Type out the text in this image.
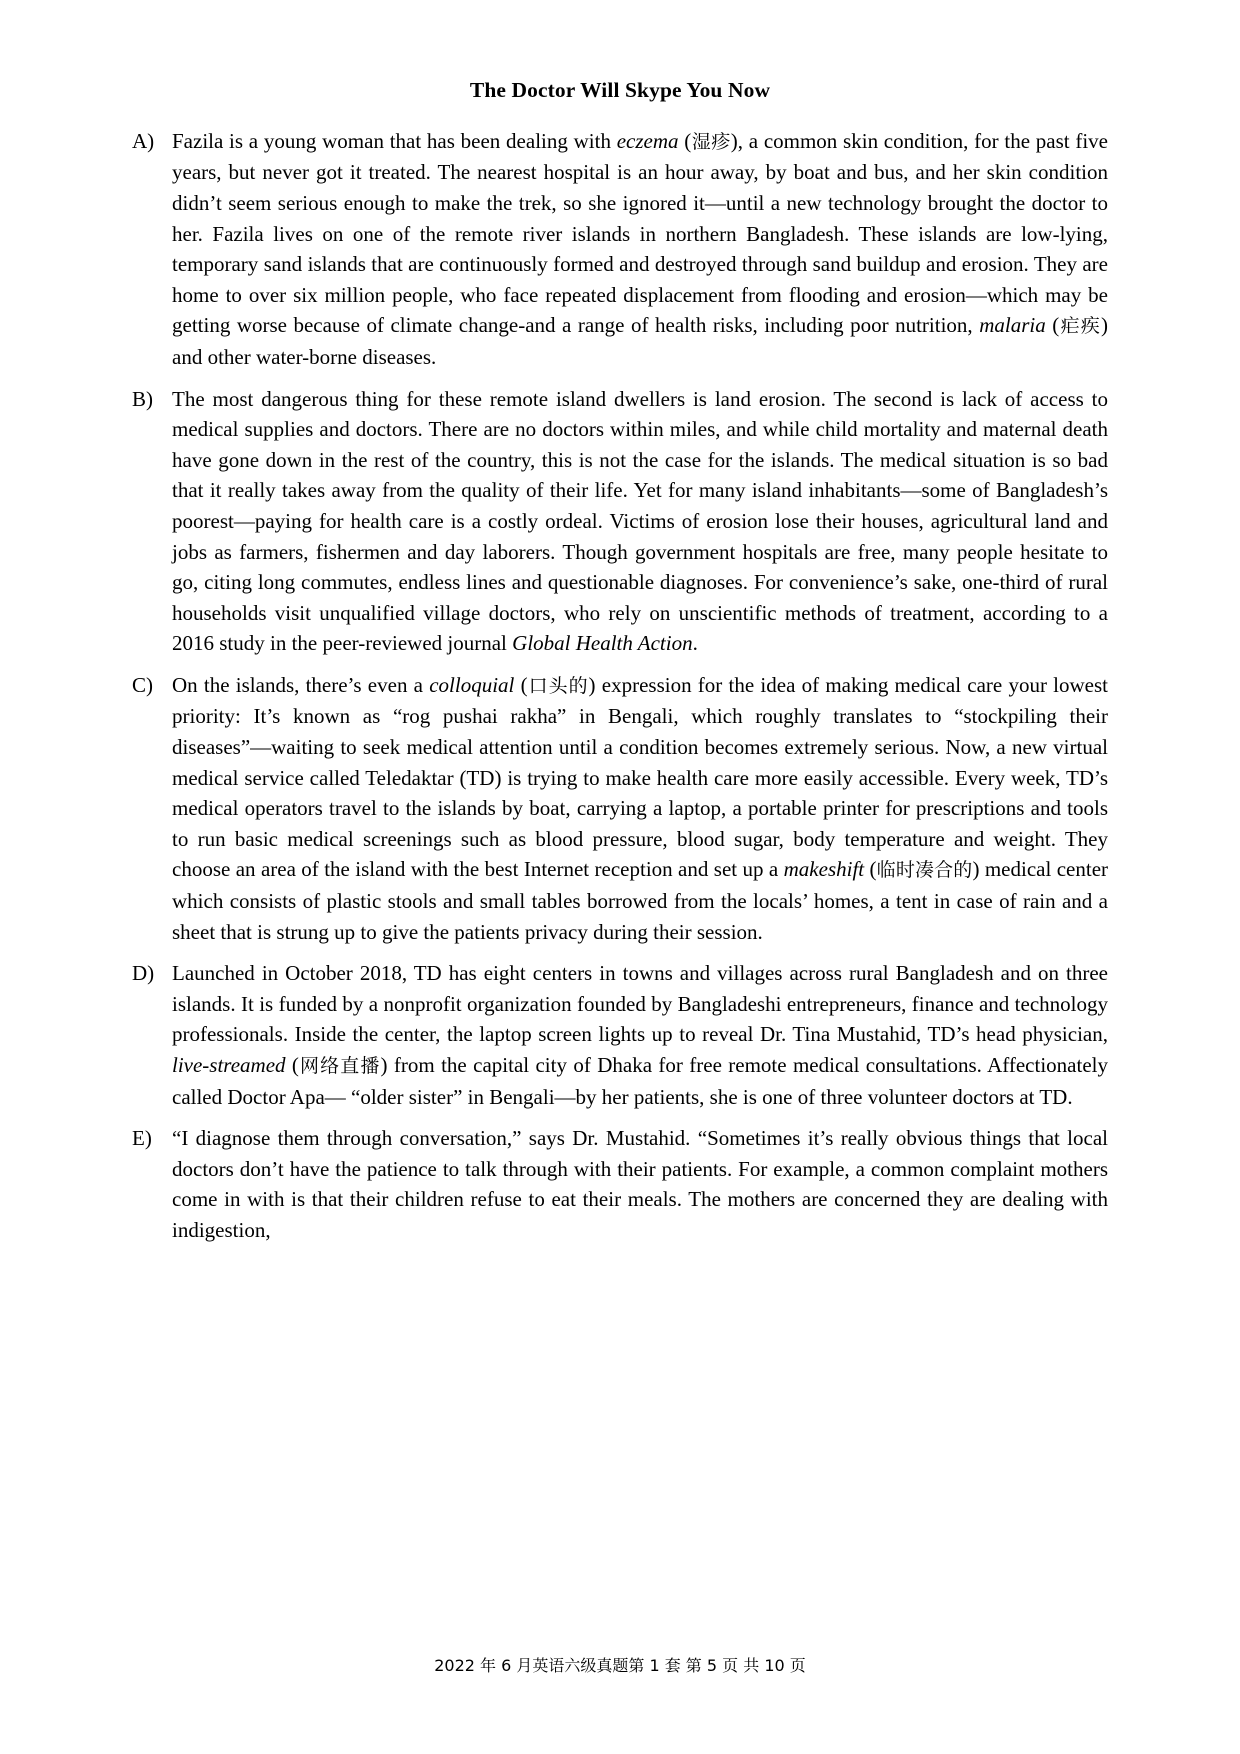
The Doctor Will Skype You Now
A) Fazila is a young woman that has been dealing with eczema (湿疹), a common skin condition, for the past five years, but never got it treated. The nearest hospital is an hour away, by boat and bus, and her skin condition didn’t seem serious enough to make the trek, so she ignored it—until a new technology brought the doctor to her. Fazila lives on one of the remote river islands in northern Bangladesh. These islands are low-lying, temporary sand islands that are continuously formed and destroyed through sand buildup and erosion. They are home to over six million people, who face repeated displacement from flooding and erosion—which may be getting worse because of climate change-and a range of health risks, including poor nutrition, malaria (疟疾) and other water-borne diseases.
B) The most dangerous thing for these remote island dwellers is land erosion. The second is lack of access to medical supplies and doctors. There are no doctors within miles, and while child mortality and maternal death have gone down in the rest of the country, this is not the case for the islands. The medical situation is so bad that it really takes away from the quality of their life. Yet for many island inhabitants—some of Bangladesh’s poorest—paying for health care is a costly ordeal. Victims of erosion lose their houses, agricultural land and jobs as farmers, fishermen and day laborers. Though government hospitals are free, many people hesitate to go, citing long commutes, endless lines and questionable diagnoses. For convenience’s sake, one-third of rural households visit unqualified village doctors, who rely on unscientific methods of treatment, according to a 2016 study in the peer-reviewed journal Global Health Action.
C) On the islands, there’s even a colloquial (口头的) expression for the idea of making medical care your lowest priority: It’s known as “rog pushai rakha” in Bengali, which roughly translates to “stockpiling their diseases”—waiting to seek medical attention until a condition becomes extremely serious. Now, a new virtual medical service called Teledaktar (TD) is trying to make health care more easily accessible. Every week, TD’s medical operators travel to the islands by boat, carrying a laptop, a portable printer for prescriptions and tools to run basic medical screenings such as blood pressure, blood sugar, body temperature and weight. They choose an area of the island with the best Internet reception and set up a makeshift (临时凑合的) medical center which consists of plastic stools and small tables borrowed from the locals’ homes, a tent in case of rain and a sheet that is strung up to give the patients privacy during their session.
D) Launched in October 2018, TD has eight centers in towns and villages across rural Bangladesh and on three islands. It is funded by a nonprofit organization founded by Bangladeshi entrepreneurs, finance and technology professionals. Inside the center, the laptop screen lights up to reveal Dr. Tina Mustahid, TD’s head physician, live-streamed (网络直播) from the capital city of Dhaka for free remote medical consultations. Affectionately called Doctor Apa— “older sister” in Bengali—by her patients, she is one of three volunteer doctors at TD.
E) “I diagnose them through conversation,” says Dr. Mustahid. “Sometimes it’s really obvious things that local doctors don’t have the patience to talk through with their patients. For example, a common complaint mothers come in with is that their children refuse to eat their meals. The mothers are concerned they are dealing with indigestion,
2022 年 6 月英语六级真题第 1 套 第 5 页 共 10 页
